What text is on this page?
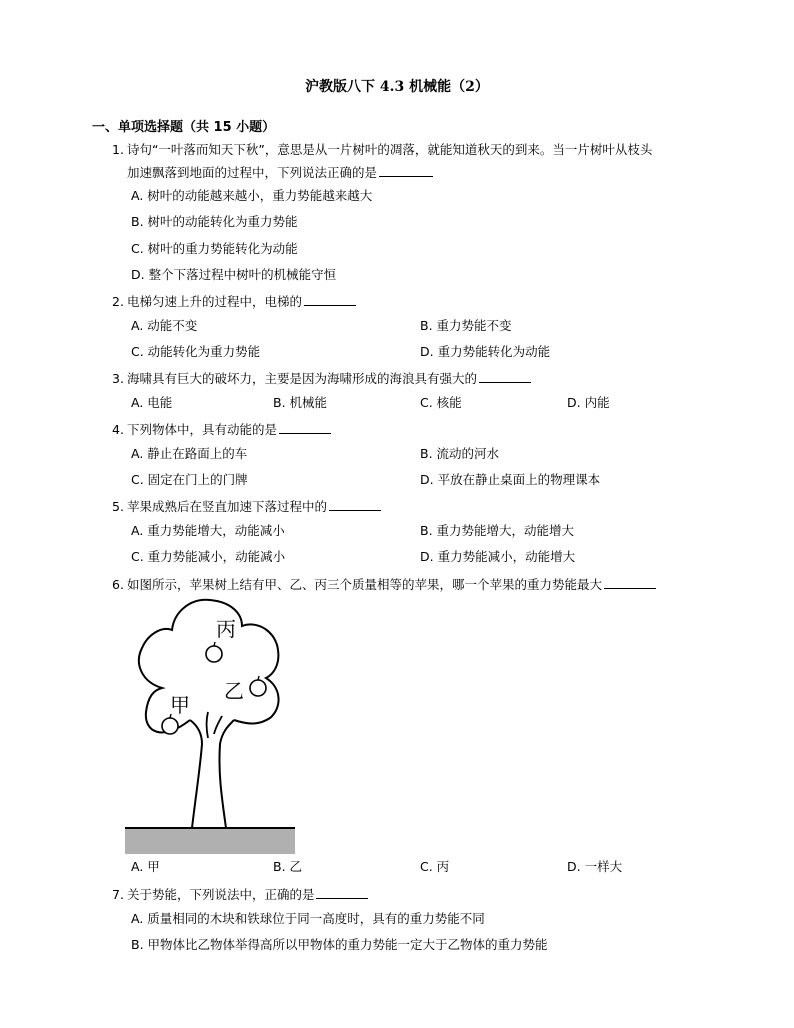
沪教版八下 4.3 机械能（2）
一、单项选择题（共 15 小题）
1. 诗句“一叶落而知天下秋”，意思是从一片树叶的凋落，就能知道秋天的到来。当一片树叶从枝头
加速飘落到地面的过程中，下列说法正确的是
A. 树叶的动能越来越小，重力势能越来越大
B. 树叶的动能转化为重力势能
C. 树叶的重力势能转化为动能
D. 整个下落过程中树叶的机械能守恒
2. 电梯匀速上升的过程中，电梯的
A. 动能不变	B. 重力势能不变
C. 动能转化为重力势能	D. 重力势能转化为动能
3. 海啸具有巨大的破坏力，主要是因为海啸形成的海浪具有强大的
A. 电能	B. 机械能	C. 核能	D. 内能
4. 下列物体中，具有动能的是
A. 静止在路面上的车	B. 流动的河水
C. 固定在门上的门牌	D. 平放在静止桌面上的物理课本
5. 苹果成熟后在竖直加速下落过程中的
A. 重力势能增大，动能减小	B. 重力势能增大，动能增大
C. 重力势能减小，动能减小	D. 重力势能减小，动能增大
6. 如图所示，苹果树上结有甲、乙、丙三个质量相等的苹果，哪一个苹果的重力势能最大
丙
乙
甲
A. 甲	B. 乙	C. 丙	D. 一样大
7. 关于势能，下列说法中，正确的是
A. 质量相同的木块和铁球位于同一高度时，具有的重力势能不同
B. 甲物体比乙物体举得高所以甲物体的重力势能一定大于乙物体的重力势能
